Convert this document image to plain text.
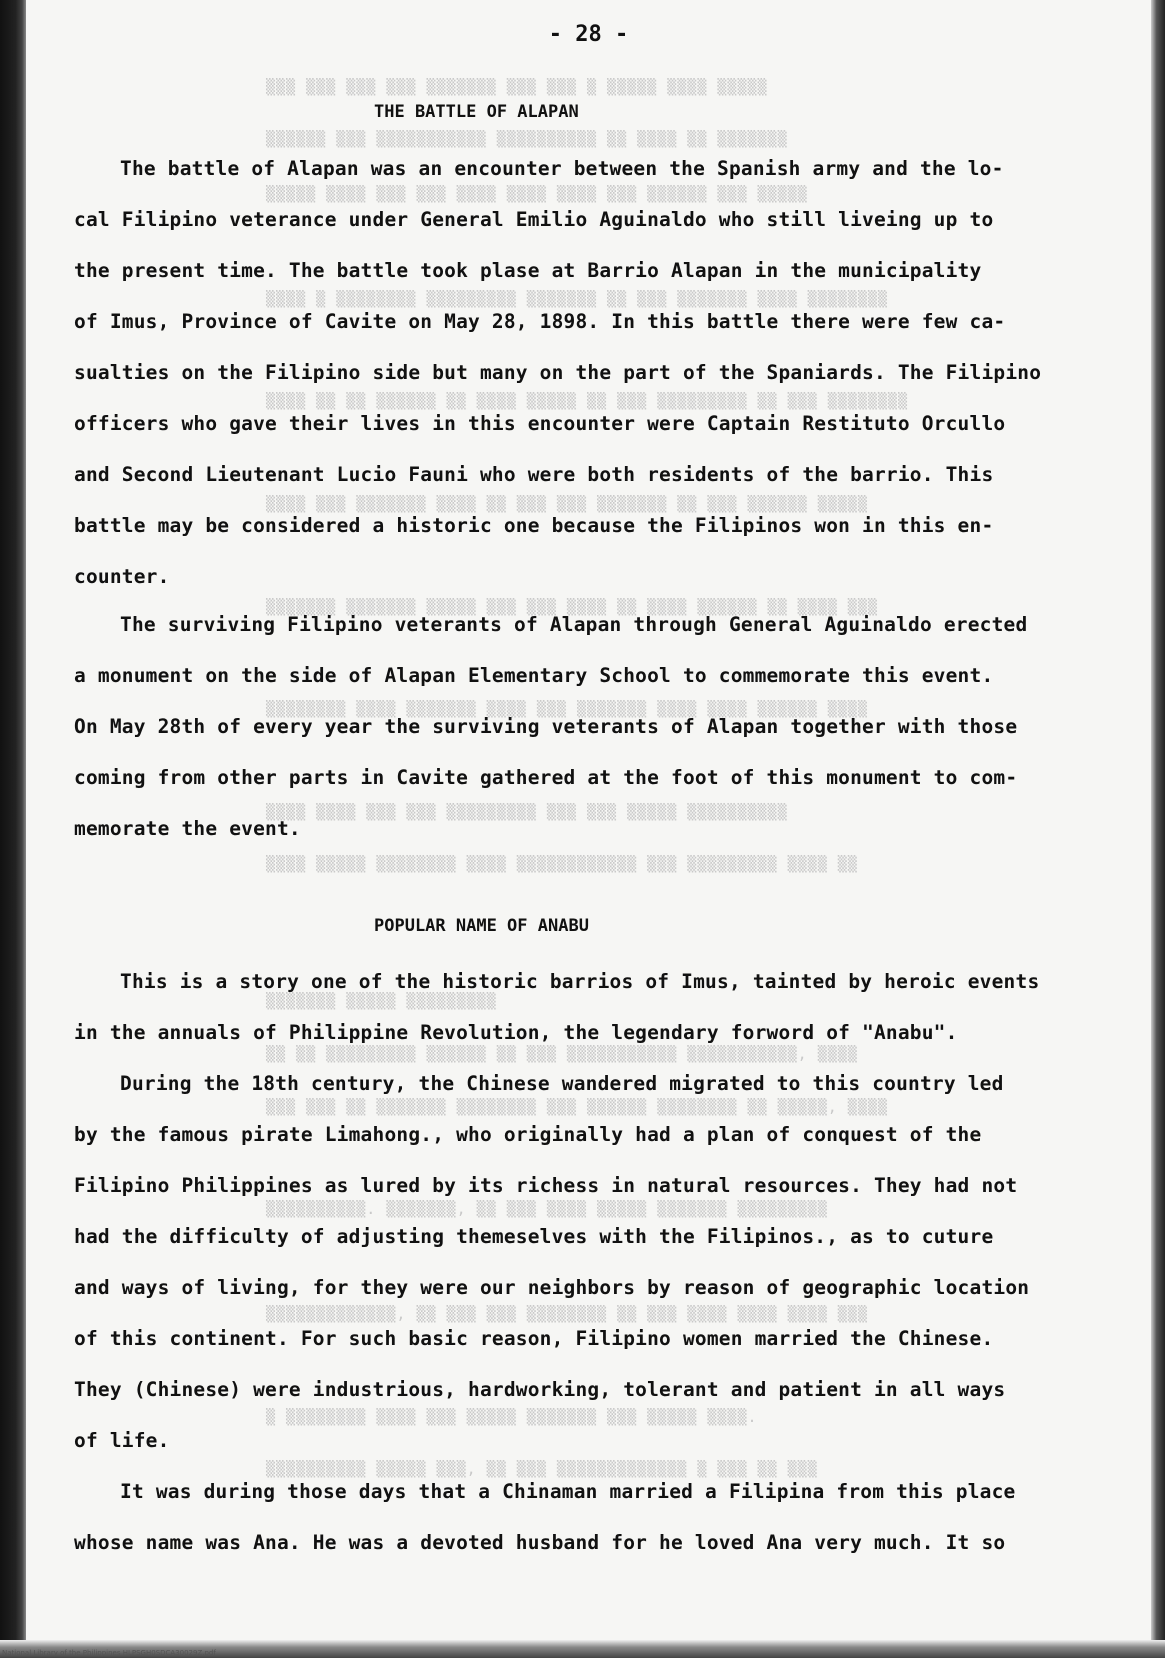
▒▒▒ ▒▒▒ ▒▒▒ ▒▒▒ ▒▒▒▒▒▒▒ ▒▒▒ ▒▒▒ ▒ ▒▒▒▒▒ ▒▒▒▒ ▒▒▒▒▒
▒▒▒▒▒▒ ▒▒▒ ▒▒▒▒▒▒▒▒▒▒▒ ▒▒▒▒▒▒▒▒▒▒ ▒▒ ▒▒▒▒ ▒▒ ▒▒▒▒▒▒▒
▒▒▒▒▒ ▒▒▒▒ ▒▒▒ ▒▒▒ ▒▒▒▒ ▒▒▒▒ ▒▒▒▒ ▒▒▒ ▒▒▒▒▒▒ ▒▒▒ ▒▒▒▒▒
▒▒▒▒ ▒ ▒▒▒▒▒▒▒▒ ▒▒▒▒▒▒▒▒▒ ▒▒▒▒▒▒▒ ▒▒ ▒▒▒ ▒▒▒▒▒▒▒ ▒▒▒▒ ▒▒▒▒▒▒▒▒
▒▒▒▒ ▒▒ ▒▒ ▒▒▒▒▒▒ ▒▒ ▒▒▒▒ ▒▒▒▒▒ ▒▒ ▒▒▒ ▒▒▒▒▒▒▒▒▒ ▒▒ ▒▒▒ ▒▒▒▒▒▒▒▒
▒▒▒▒ ▒▒▒ ▒▒▒▒▒▒▒ ▒▒▒▒ ▒▒ ▒▒▒ ▒▒▒ ▒▒▒▒▒▒▒ ▒▒ ▒▒▒ ▒▒▒▒▒▒ ▒▒▒▒▒
▒▒▒▒▒▒▒ ▒▒▒▒▒▒▒ ▒▒▒▒▒ ▒▒▒ ▒▒▒ ▒▒▒▒ ▒▒ ▒▒▒▒ ▒▒▒▒▒▒ ▒▒ ▒▒▒▒ ▒▒▒
▒▒▒▒▒▒▒▒ ▒▒▒▒ ▒▒▒▒▒▒▒ ▒▒▒▒ ▒▒▒ ▒▒▒▒▒▒▒ ▒▒▒▒ ▒▒▒▒ ▒▒▒▒▒▒ ▒▒▒▒
▒▒▒▒ ▒▒▒▒ ▒▒▒ ▒▒▒ ▒▒▒▒▒▒▒▒▒ ▒▒▒ ▒▒▒ ▒▒▒▒▒ ▒▒▒▒▒▒▒▒▒▒
▒▒▒▒ ▒▒▒▒▒ ▒▒▒▒▒▒▒▒ ▒▒▒▒ ▒▒▒▒▒▒▒▒▒▒▒▒ ▒▒▒ ▒▒▒▒▒▒▒▒▒ ▒▒▒▒ ▒▒
▒▒▒▒▒▒▒ ▒▒▒▒▒ ▒▒▒▒▒▒▒▒▒
▒▒ ▒▒ ▒▒▒▒▒▒▒▒▒ ▒▒▒▒▒▒ ▒▒ ▒▒▒ ▒▒▒▒▒▒▒▒▒▒▒ ▒▒▒▒▒▒▒▒▒▒▒, ▒▒▒▒
▒▒▒ ▒▒▒ ▒▒ ▒▒▒▒▒▒▒ ▒▒▒▒▒▒▒▒ ▒▒▒ ▒▒▒▒▒▒ ▒▒▒▒▒▒▒▒ ▒▒ ▒▒▒▒▒, ▒▒▒▒
▒▒▒▒▒▒▒▒▒▒. ▒▒▒▒▒▒▒, ▒▒ ▒▒▒ ▒▒▒▒ ▒▒▒▒▒ ▒▒▒▒▒▒▒ ▒▒▒▒▒▒▒▒▒
▒▒▒▒▒▒▒▒▒▒▒▒▒, ▒▒ ▒▒▒ ▒▒▒ ▒▒▒▒▒▒▒▒ ▒▒ ▒▒▒ ▒▒▒▒ ▒▒▒▒ ▒▒▒▒ ▒▒▒
▒ ▒▒▒▒▒▒▒▒ ▒▒▒▒ ▒▒▒ ▒▒▒▒▒ ▒▒▒▒▒▒▒ ▒▒▒ ▒▒▒▒▒ ▒▒▒▒.
▒▒▒▒▒▒▒▒▒▒ ▒▒▒▒▒ ▒▒▒, ▒▒ ▒▒▒ ▒▒▒▒▒▒▒▒▒▒▒▒▒ ▒ ▒▒▒ ▒▒ ▒▒▒
- 28 -
THE BATTLE OF ALAPAN
The battle of Alapan was an encounter between the Spanish army and the lo-
cal Filipino veterance under General Emilio Aguinaldo who still liveing up to
the present time. The battle took plase at Barrio Alapan in the municipality
of Imus, Province of Cavite on May 28, 1898. In this battle there were few ca-
sualties on the Filipino side but many on the part of the Spaniards. The Filipino
officers who gave their lives in this encounter were Captain Restituto Orcullo
and Second Lieutenant Lucio Fauni who were both residents of the barrio. This
battle may be considered a historic one because the Filipinos won in this en-
counter.
The surviving Filipino veterants of Alapan through General Aguinaldo erected
a monument on the side of Alapan Elementary School to commemorate this event.
On May 28th of every year the surviving veterants of Alapan together with those
coming from other parts in Cavite gathered at the foot of this monument to com-
memorate the event.
POPULAR NAME OF ANABU
This is a story one of the historic barrios of Imus, tainted by heroic events
in the annuals of Philippine Revolution, the legendary forword of "Anabu".
During the 18th century, the Chinese wandered migrated to this country led
by the famous pirate Limahong., who originally had a plan of conquest of the
Filipino Philippines as lured by its richess in natural resources. They had not
had the difficulty of adjusting themeselves with the Filipinos., as to cuture
and ways of living, for they were our neighbors by reason of geographic location
of this continent. For such basic reason, Filipino women married the Chinese.
They (Chinese) were industrious, hardworking, tolerant and patient in all ways
of life.
It was during those days that a Chinaman married a Filipina from this place
whose name was Ana. He was a devoted husband for he loved Ana very much. It so
National Library of the Philippines HLPSGH0SDCA30029Z.pdf
